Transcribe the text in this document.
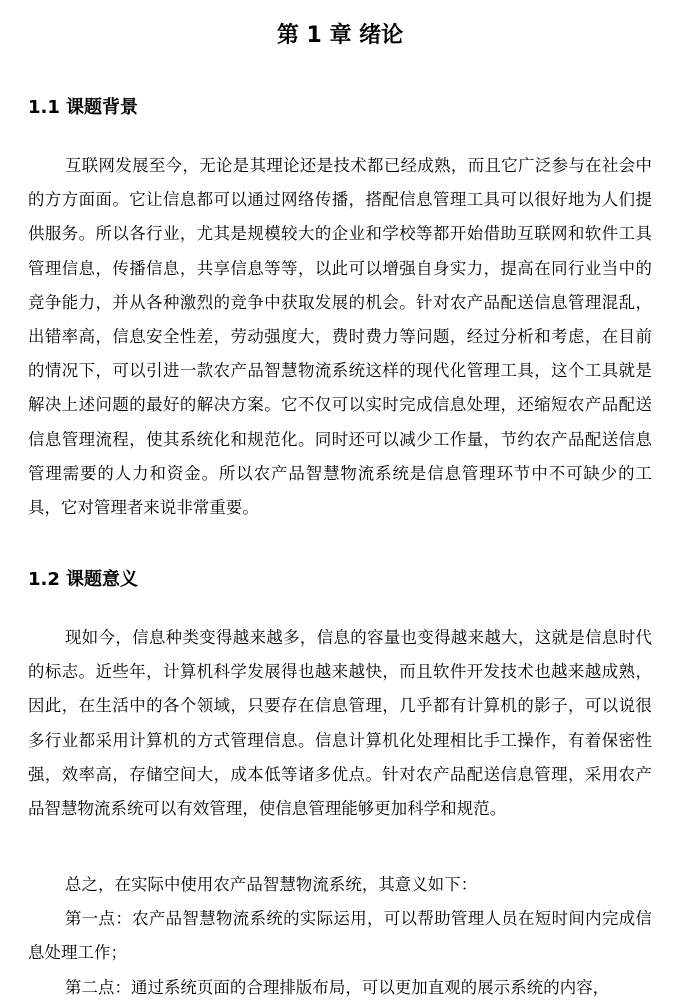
第 1 章 绪论
1.1 课题背景

互联网发展至今，无论是其理论还是技术都已经成熟，而且它广泛参与在社会中的方方面面。它让信息都可以通过网络传播，搭配信息管理工具可以很好地为人们提供服务。所以各行业，尤其是规模较大的企业和学校等都开始借助互联网和软件工具管理信息，传播信息，共享信息等等，以此可以增强自身实力，提高在同行业当中的竞争能力，并从各种激烈的竞争中获取发展的机会。针对农产品配送信息管理混乱，出错率高，信息安全性差，劳动强度大，费时费力等问题，经过分析和考虑，在目前的情况下，可以引进一款农产品智慧物流系统这样的现代化管理工具，这个工具就是解决上述问题的最好的解决方案。它不仅可以实时完成信息处理，还缩短农产品配送信息管理流程，使其系统化和规范化。同时还可以减少工作量，节约农产品配送信息管理需要的人力和资金。所以农产品智慧物流系统是信息管理环节中不可缺少的工具，它对管理者来说非常重要。

1.2 课题意义

现如今，信息种类变得越来越多，信息的容量也变得越来越大，这就是信息时代的标志。近些年，计算机科学发展得也越来越快，而且软件开发技术也越来越成熟，因此，在生活中的各个领域，只要存在信息管理，几乎都有计算机的影子，可以说很多行业都采用计算机的方式管理信息。信息计算机化处理相比手工操作，有着保密性强，效率高，存储空间大，成本低等诸多优点。针对农产品配送信息管理，采用农产品智慧物流系统可以有效管理，使信息管理能够更加科学和规范。

总之，在实际中使用农产品智慧物流系统，其意义如下：

第一点：农产品智慧物流系统的实际运用，可以帮助管理人员在短时间内完成信息处理工作；

第二点：通过系统页面的合理排版布局，可以更加直观的展示系统的内容，
